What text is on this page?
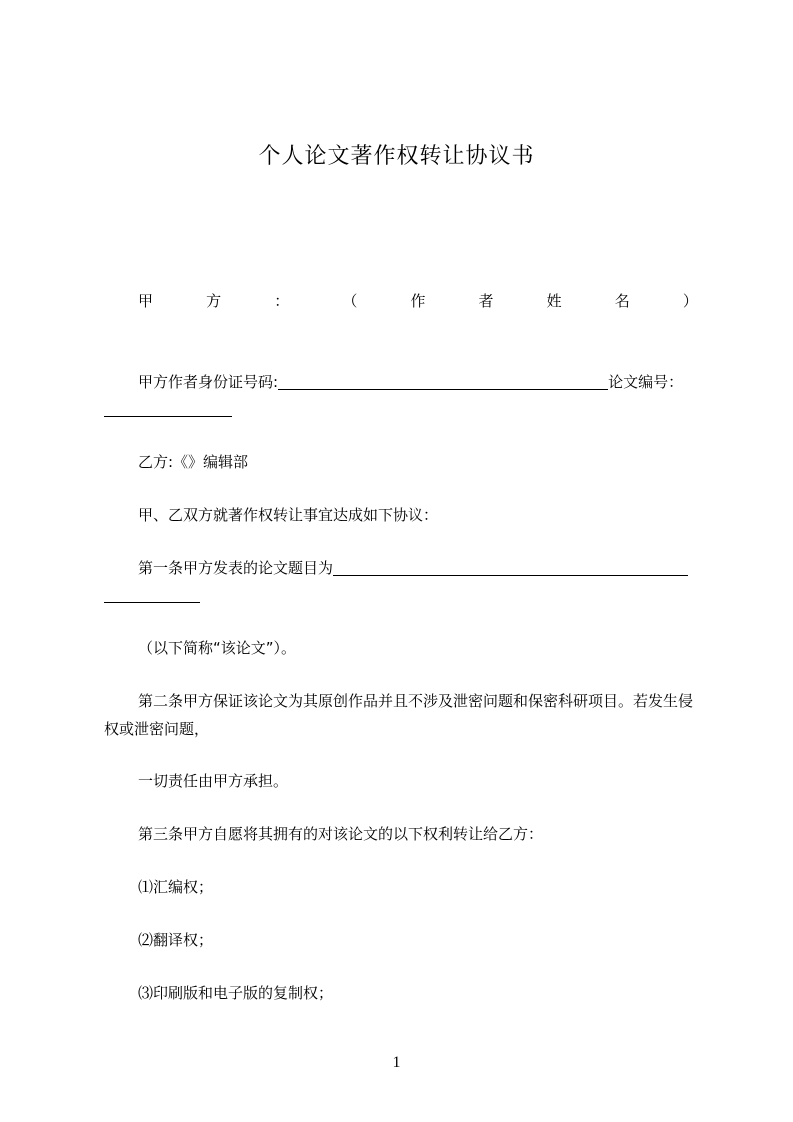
个人论文著作权转让协议书
甲	方	：	（	作	者	姓	名	）
甲方作者身份证号码:	论文编号：
乙方:《》编辑部
甲、乙双方就著作权转让事宜达成如下协议：
第一条甲方发表的论文题目为
（以下简称“该论文”）。
第二条甲方保证该论文为其原创作品并且不涉及泄密问题和保密科研项目。若发生侵权或泄密问题，
一切责任由甲方承担。
第三条甲方自愿将其拥有的对该论文的以下权利转让给乙方：
⑴汇编权；
⑵翻译权；
⑶印刷版和电子版的复制权；
1
